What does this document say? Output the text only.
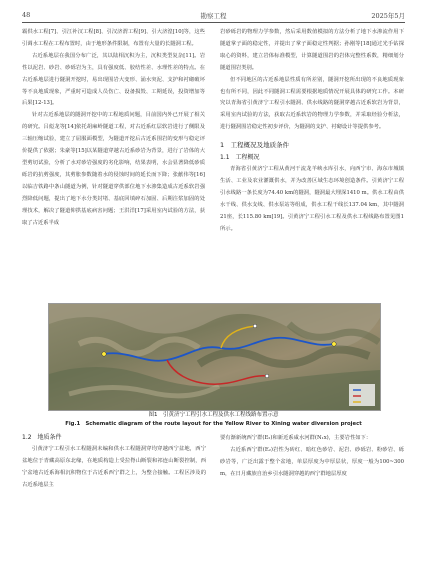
48	勘察工程	2025年5月

霸供水工程[7]、引江补汉工程[8]、引汉济渭工程[9]、引大济湟[10]等，这些引调水工程在工程布置时，由于地形条件限制，布置有大量的长隧洞工程。

古近系地层在我国分布广泛，其以陆相沉积为主，沉积类型复杂[11]。岩性以泥岩、砂岩、砂砾岩为主，具有强度低、胶结性差、水理性差的特点。在古近系地层进行隧洞开挖时，易出现围岩大变形、涌水突泥、支护和衬砌破坏等不良地质现象，严重时可造成人员伤亡、设备损毁、工期延误，投资增加等后果[12-13]。

针对古近系地层的隧洞开挖中的工程地质问题，目前国内外已开展了相关的研究。吕彪龙等[14]依托胡麻岭隧道工程，对古近系红层软岩进行了侧限及三轴压缩试验，建立了屈服面模型，为隧道开挖后古近系围岩的变形与稳定评价提供了依据；朱豪等[15]以某隧道穿越古近系砂岩为背景，进行了岩体的大型剪切试验，分析了水对砂岩强度的劣化影响，结果表明，水会显著降低砂质砾岩的抗剪强度，其剪胀参数随着水的侵蚀时间的延长而下降；张献伟等[16]以临吉铁路中条山隧道为例，针对隧道穿供部位地下水渗集造成古近系软岩强烈降低问题，提出了地下水分类封堵、基底回填碎石加固、后期注浆加固的处理技术，解决了隧道仰拱基底病害问题；王洪洋[17]采用室内试验的方法，获取了古近系半成

岩砂砾岩的物理力学参数，然后采用数值模拟的方法分析了地下水渗流作用下隧道掌子面的稳定性，并提出了掌子面稳定性判据；孙刚等[18]通过光手钻探取心的资料，建立岩体标准模型，计算隧道围岩的岩体完整性系数，精细划分隧道围岩类别。

但不同地区的古近系地层性质有所差别，隧洞开挖所出现的不良地质现象也有所不同，因此不同隧洞工程需要根据地质情况开展具体的研究工作。本研究以青海省引黄济宁工程引水隧洞、供水线路的隧洞穿越古近系软岩为背景，采用室内试验的方法，获取古近系软岩的物理力学参数，并采取经验分析法，进行隧洞围岩稳定性初步评价，为隧洞的支护、衬砌设计等提供参考。

1　工程概况及地质条件
1.1　工程概况

青海省引黄济宁工程从黄河干流龙羊峡水库引水，向西宁市、海东市城镇生活、工业及农业灌溉供水，并为改善区域生态环境创造条件。引黄济宁工程引水线路一条长度为74.40 km的隧洞，隧洞最大埋深1410 m。供水工程由供水干线、供水支线、供水泵站等组成，供水工程干线长137.04 km，其中隧洞21座，长115.80 km[19]。引黄济宁工程引水工程及供水工程线路布置见图1所示。

图1　引黄济宁工程引水工程及供水工程线路布置示意
Fig.1　Schematic diagram of the route layout for the Yellow River to Xining water diversion project
1.2　地质条件

引黄济宁工程引水工程隧洞未编和供水工程隧洞穿均穿越西宁盆地，西宁盆地位于青藏高原东北缘，在地质构造上受拉脊山断裂和祁连山断裂控制，西宁盆地古近系海相沉积物位于古近系西宁群之上，为整合接触。工程区涉及的古近系地层主

要有渐新统西宁群(E₂)和新近系咸水河群(N₁x)，主要岩性如下：

古近系西宁群(E₂)岩性为砖红、暗红色砂岩、泥岩、砂砾岩、粉砂岩、砾砂岩等，广泛出露于整个盆地，单层厚度为中厚层状，厚度一般为100~300 m，在日月藏族自治乡引水隧洞穿越的西宁群地层厚度
